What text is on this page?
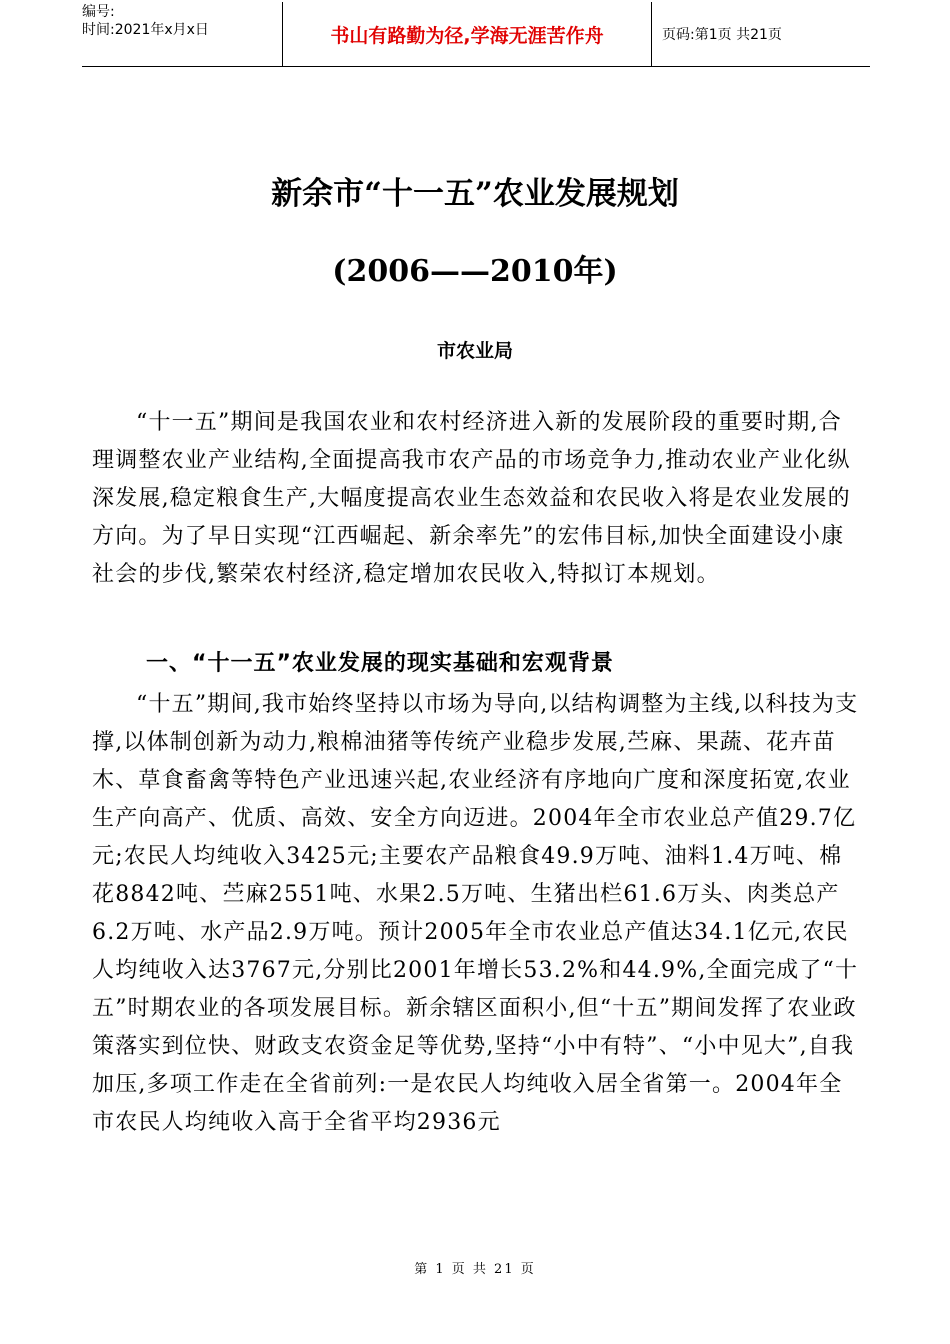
编号:
时间:2021年x月x日	书山有路勤为径,学海无涯苦作舟	页码:第1页 共21页
新余市“十一五”农业发展规划
(2006——2010年)
市农业局
“十一五”期间是我国农业和农村经济进入新的发展阶段的重要时期,合理调整农业产业结构,全面提高我市农产品的市场竞争力,推动农业产业化纵深发展,稳定粮食生产,大幅度提高农业生态效益和农民收入将是农业发展的方向。为了早日实现“江西崛起、新余率先”的宏伟目标,加快全面建设小康社会的步伐,繁荣农村经济,稳定增加农民收入,特拟订本规划。
一、“十一五”农业发展的现实基础和宏观背景
“十五”期间,我市始终坚持以市场为导向,以结构调整为主线,以科技为支撑,以体制创新为动力,粮棉油猪等传统产业稳步发展,苎麻、果蔬、花卉苗木、草食畜禽等特色产业迅速兴起,农业经济有序地向广度和深度拓宽,农业生产向高产、优质、高效、安全方向迈进。2004年全市农业总产值29.7亿元;农民人均纯收入3425元;主要农产品粮食49.9万吨、油料1.4万吨、棉花8842吨、苎麻2551吨、水果2.5万吨、生猪出栏61.6万头、肉类总产6.2万吨、水产品2.9万吨。预计2005年全市农业总产值达34.1亿元,农民人均纯收入达3767元,分别比2001年增长53.2%和44.9%,全面完成了“十五”时期农业的各项发展目标。新余辖区面积小,但“十五”期间发挥了农业政策落实到位快、财政支农资金足等优势,坚持“小中有特”、“小中见大”,自我加压,多项工作走在全省前列:一是农民人均纯收入居全省第一。2004年全市农民人均纯收入高于全省平均2936元
第 1 页 共 21 页
